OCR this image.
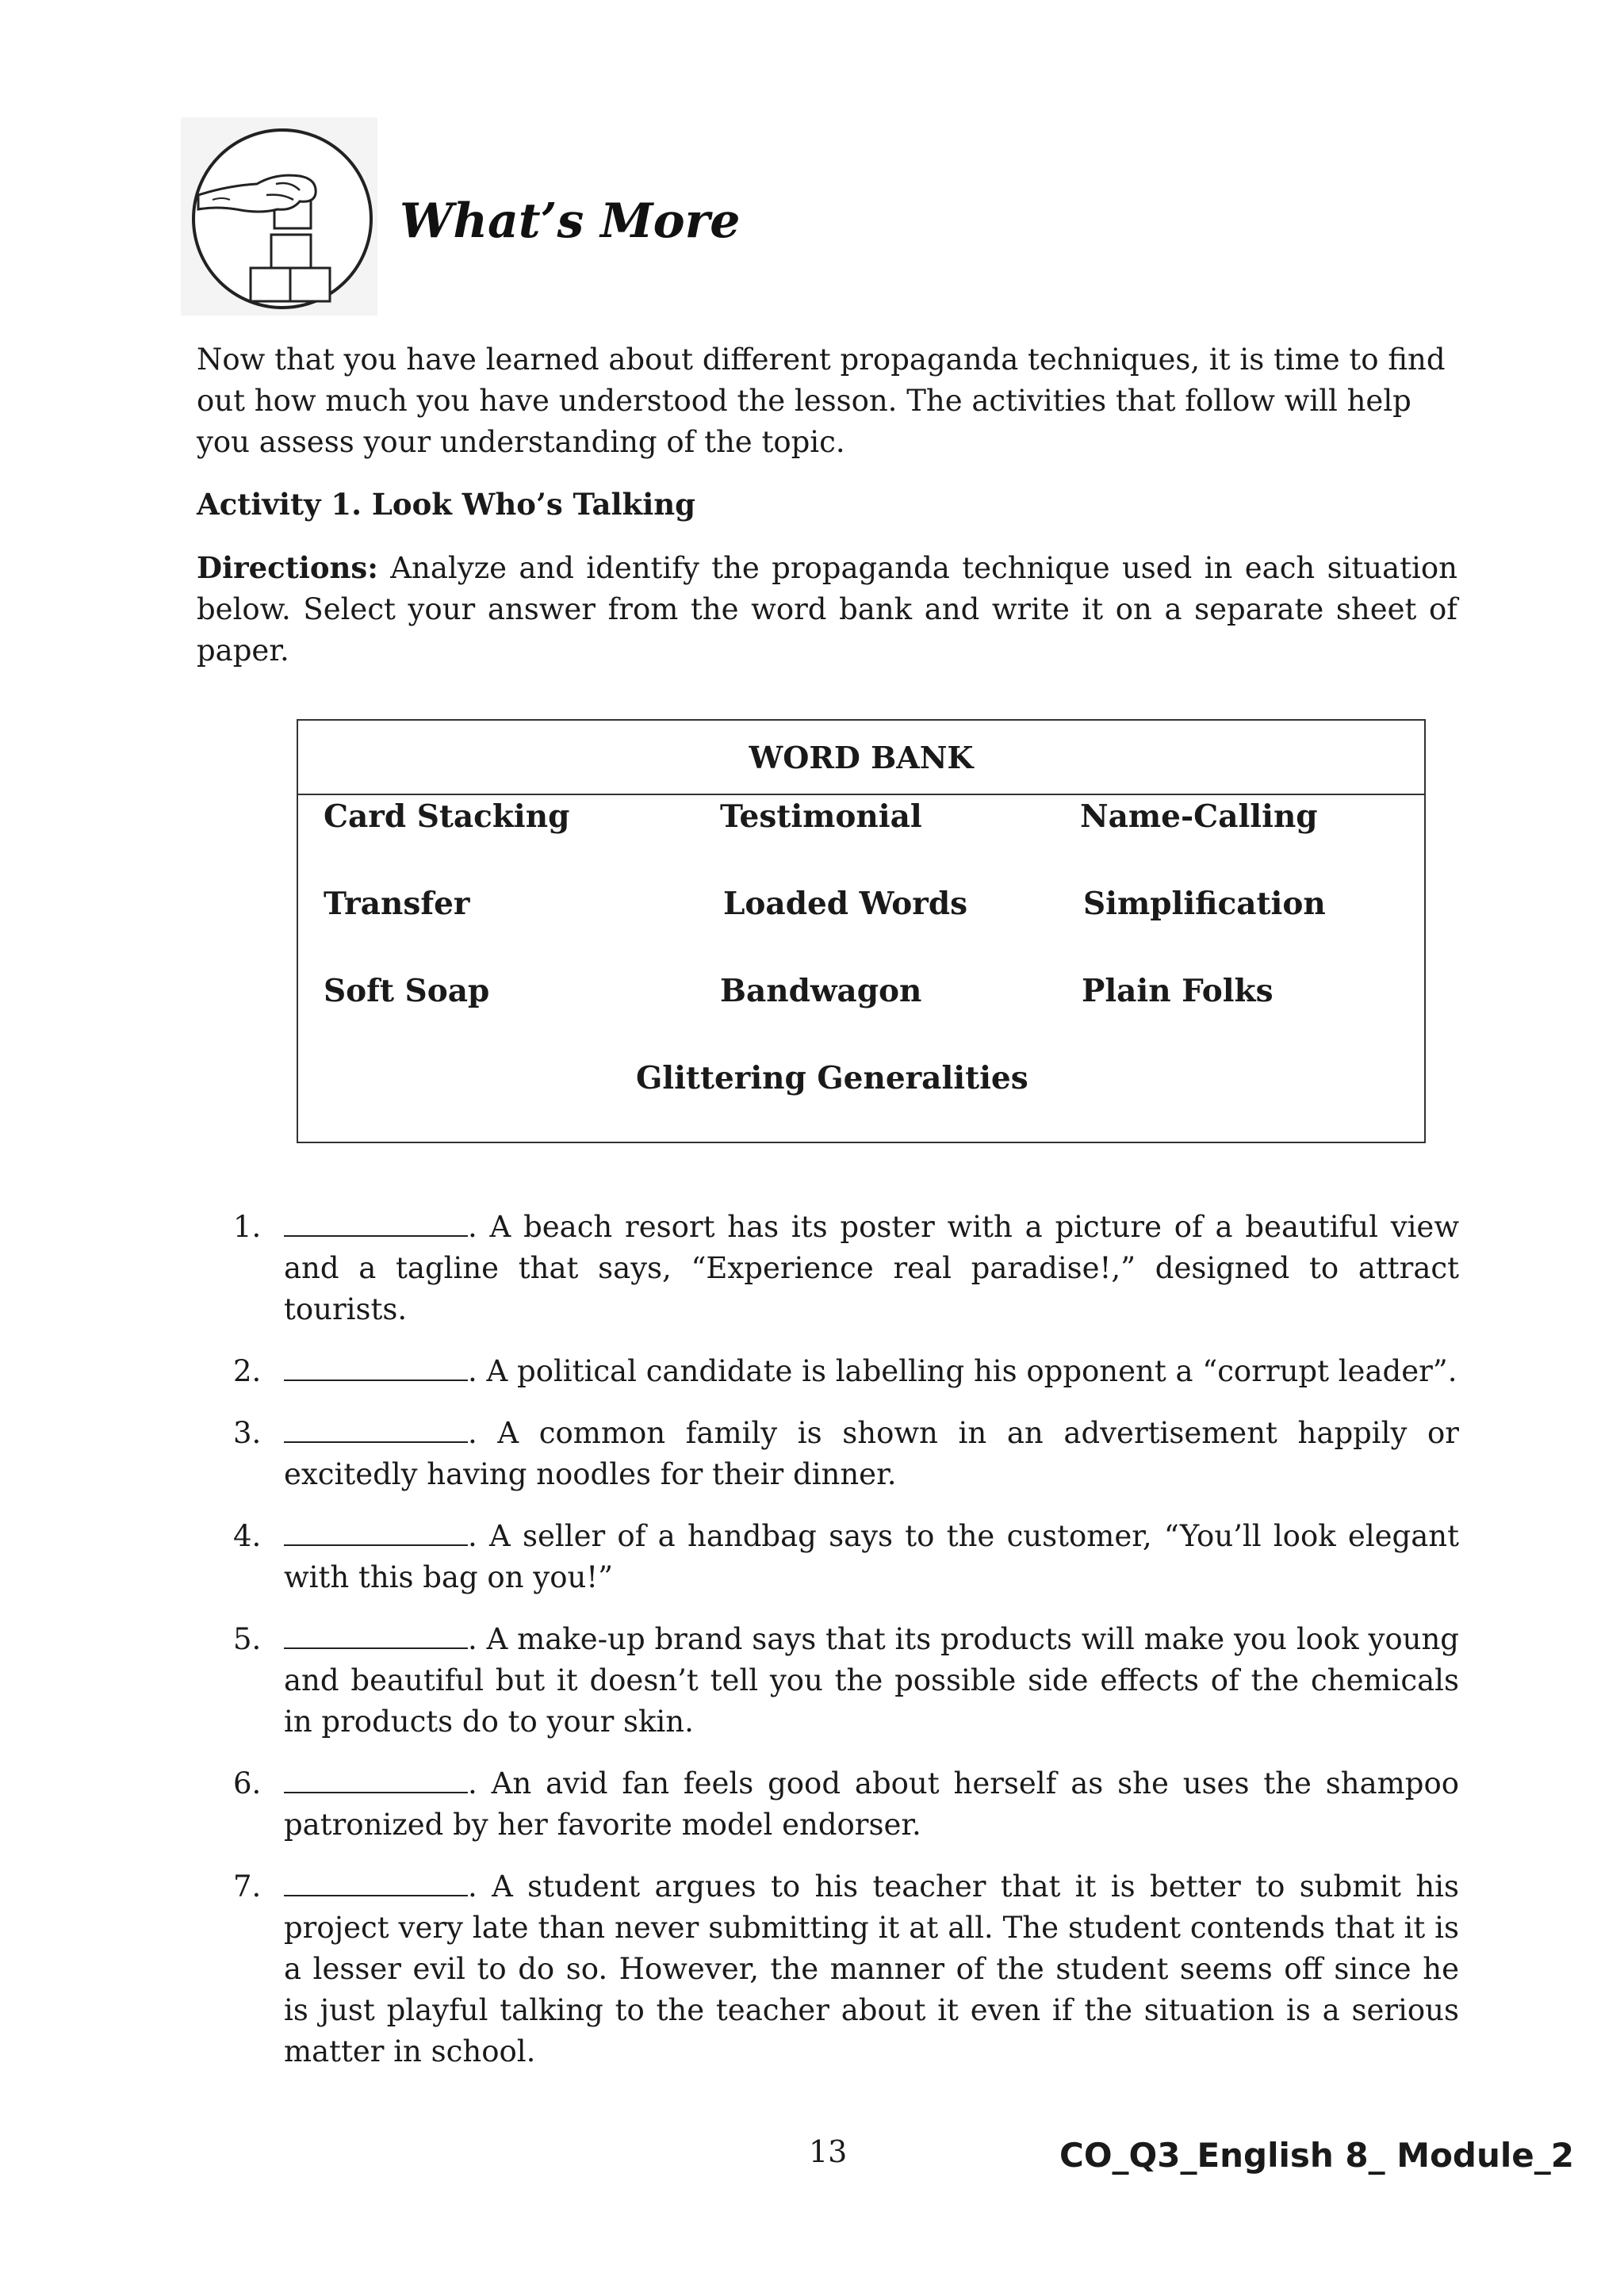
What’s More

Now that you have learned about different propaganda techniques, it is time to find out how much you have understood the lesson. The activities that follow will help you assess your understanding of the topic.

Activity 1. Look Who’s Talking

Directions: Analyze and identify the propaganda technique used in each situation below. Select your answer from the word bank and write it on a separate sheet of paper.

WORD BANK
Card Stacking	Testimonial	Name-Calling
Transfer	Loaded Words	Simplification
Soft Soap	Bandwagon	Plain Folks
Glittering Generalities
1.	. A beach resort has its poster with a picture of a beautiful view and a tagline that says, “Experience real paradise!,” designed to attract tourists.
2.	. A political candidate is labelling his opponent a “corrupt leader”.
3.	. A common family is shown in an advertisement happily or excitedly having noodles for their dinner.
4.	. A seller of a handbag says to the customer, “You’ll look elegant with this bag on you!”
5.	. A make-up brand says that its products will make you look young and beautiful but it doesn’t tell you the possible side effects of the chemicals in products do to your skin.
6.	. An avid fan feels good about herself as she uses the shampoo patronized by her favorite model endorser.
7.	. A student argues to his teacher that it is better to submit his project very late than never submitting it at all. The student contends that it is a lesser evil to do so. However, the manner of the student seems off since he is just playful talking to the teacher about it even if the situation is a serious matter in school.
13	CO_Q3_English 8_ Module_2
